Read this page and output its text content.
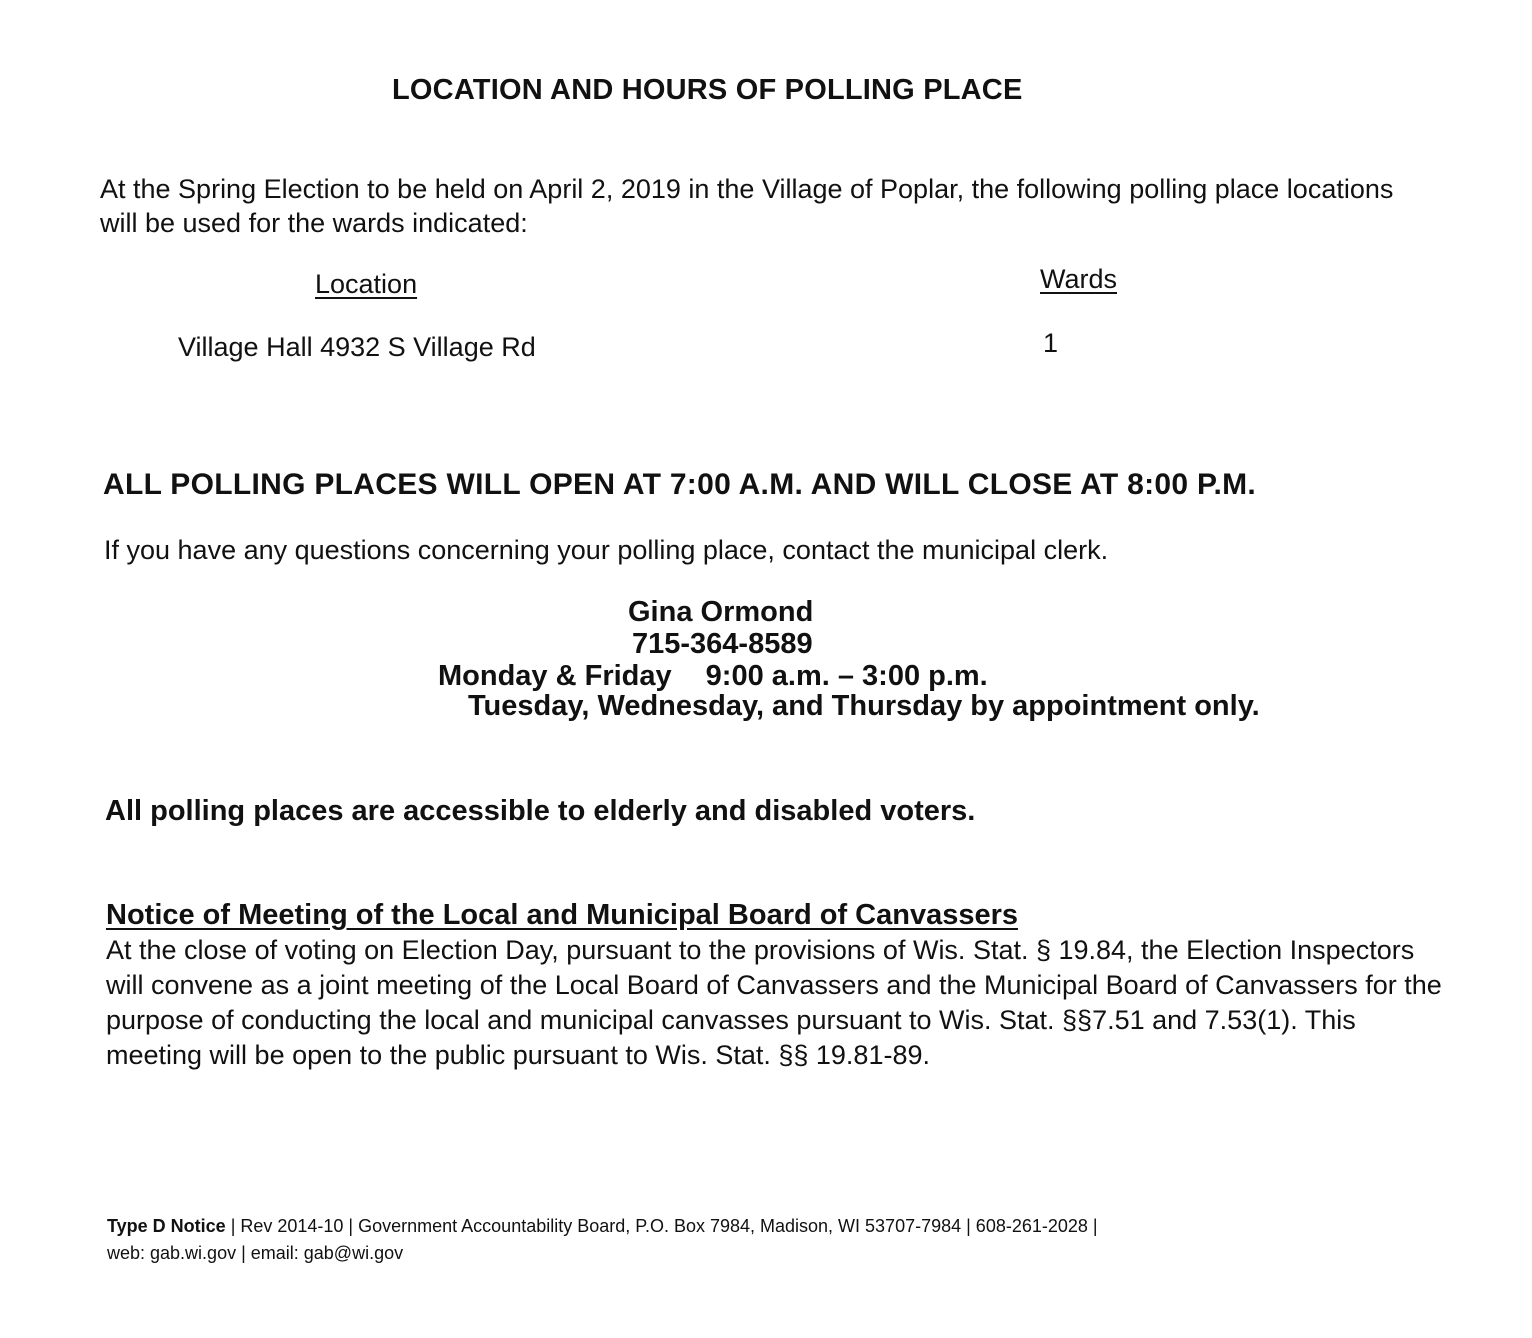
LOCATION AND HOURS OF POLLING PLACE
At the Spring Election to be held on April 2, 2019 in the Village of Poplar, the following polling place locations will be used for the wards indicated:
Location	Wards
Village Hall 4932 S Village Rd	1
ALL POLLING PLACES WILL OPEN AT 7:00 A.M. AND WILL CLOSE AT 8:00 P.M.
If you have any questions concerning your polling place, contact the municipal clerk.
Gina Ormond
715-364-8589
Monday & Friday 9:00 a.m. – 3:00 p.m.
Tuesday, Wednesday, and Thursday by appointment only.
All polling places are accessible to elderly and disabled voters.
Notice of Meeting of the Local and Municipal Board of Canvassers
At the close of voting on Election Day, pursuant to the provisions of Wis. Stat. § 19.84, the Election Inspectors will convene as a joint meeting of the Local Board of Canvassers and the Municipal Board of Canvassers for the purpose of conducting the local and municipal canvasses pursuant to Wis. Stat. §§7.51 and 7.53(1). This meeting will be open to the public pursuant to Wis. Stat. §§ 19.81-89.
Type D Notice | Rev 2014-10 | Government Accountability Board, P.O. Box 7984, Madison, WI 53707-7984 | 608-261-2028 |
web: gab.wi.gov | email: gab@wi.gov
